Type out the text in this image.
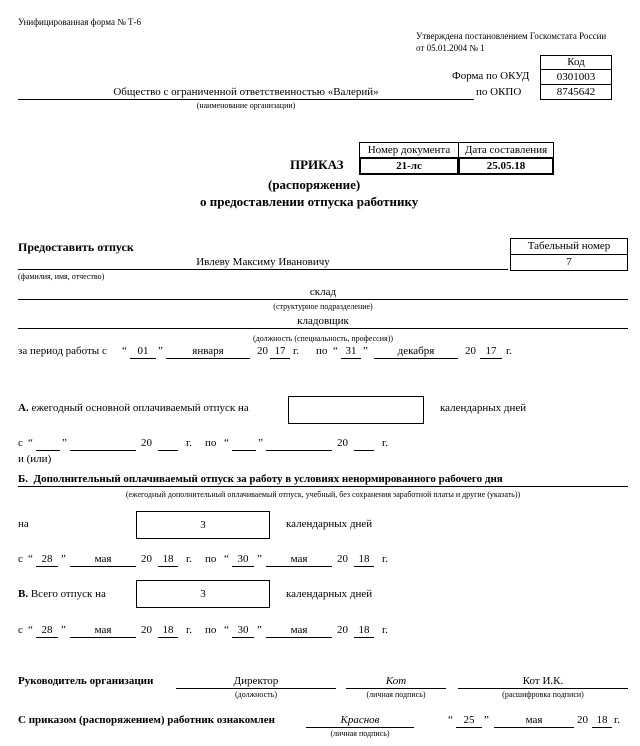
Унифицированная форма № Т-6
Утверждена постановлением Госкомстата России
от 05.01.2004 № 1
Код
0301003
8745642
Форма по ОКУД
по ОКПО
Общество с ограниченной ответственностью «Валерий»
(наименование организации)
Номер документа	Дата составления
21-лс	25.05.18
ПРИКАЗ
(распоряжение)
о предоставлении отпуска работнику
Предоставить отпуск	Табельный номер
7
Ивлеву Максиму Ивановичу
(фамилия, имя, отчество)
склад
(структурное подразделение)
кладовщик
(должность (специальность, профессия))
за период работы с “ 01 ”	января	20 17 г. по “ 31 ”	декабря	20 17 г.
А. ежегодный основной оплачиваемый отпуск на	календарных дней
с “	”	20	г. по “	”	20	г.
и (или)
Б. Дополнительный оплачиваемый отпуск за работу в условиях ненормированного рабочего дня
(ежегодный дополнительный оплачиваемый отпуск, учебный, без сохранения заработной платы и другие (указать))
на	3	календарных дней
с “ 28 ”	мая	20 18	г. по “ 30 ”	мая	20 18	г.
В. Всего отпуск на	3	календарных дней
с “ 28 ”	мая	20 18	г. по “ 30 ”	мая	20 18	г.
Руководитель организации	Директор
(должность)
Кот
(личная подпись)
Кот И.К.
(расшифровка подписи)
С приказом (распоряжением) работник ознакомлен	Краснов
(личная подпись)
“ 25 ”	мая	20 18 г.
